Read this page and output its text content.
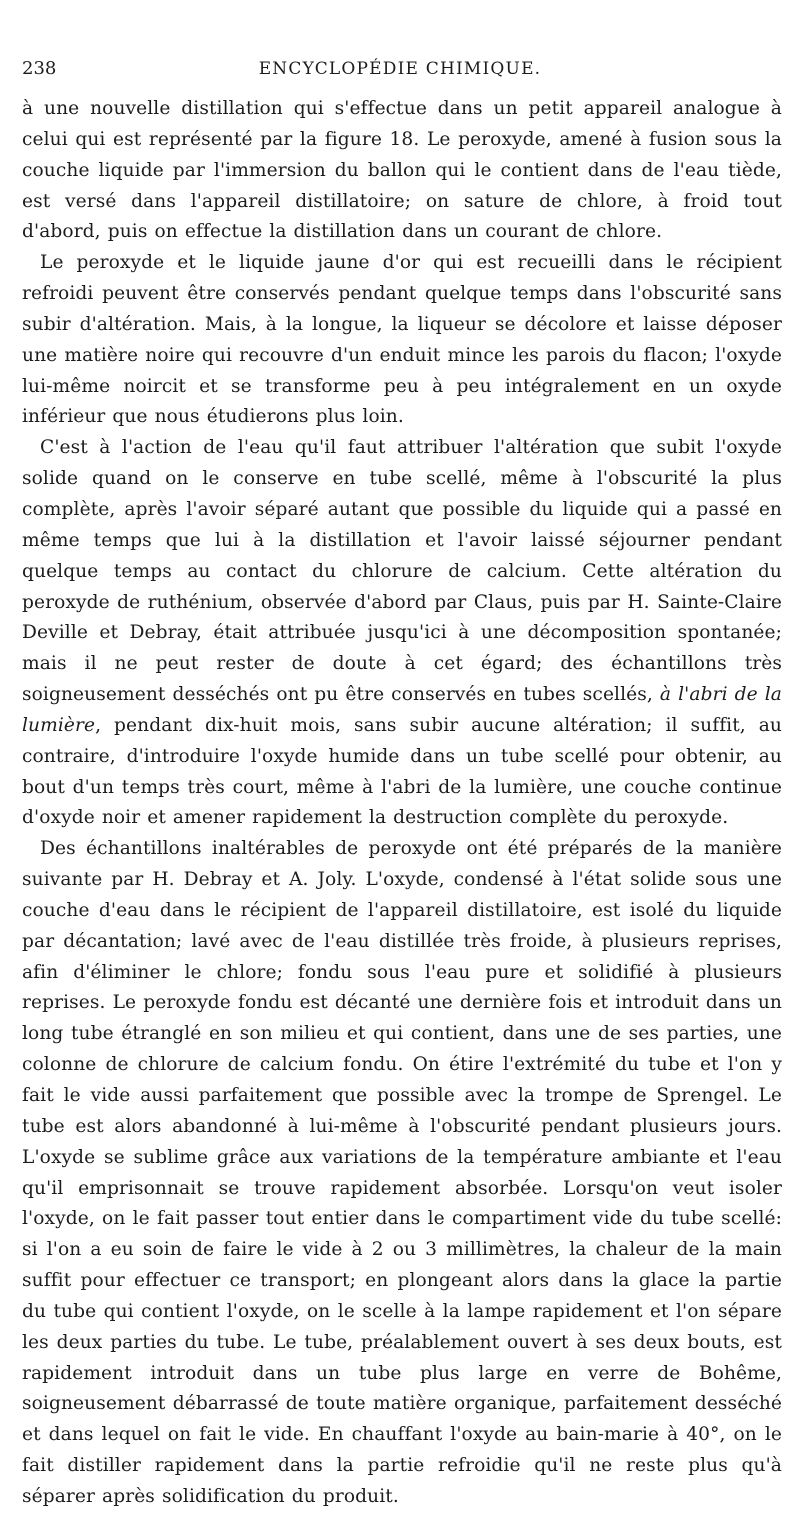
238	ENCYCLOPÉDIE CHIMIQUE.

à une nouvelle distillation qui s'effectue dans un petit appareil analogue à celui qui est représenté par la figure 18. Le peroxyde, amené à fusion sous la couche liquide par l'immersion du ballon qui le contient dans de l'eau tiède, est versé dans l'appareil distillatoire; on sature de chlore, à froid tout d'abord, puis on effectue la distillation dans un courant de chlore.

Le peroxyde et le liquide jaune d'or qui est recueilli dans le récipient refroidi peuvent être conservés pendant quelque temps dans l'obscurité sans subir d'altération. Mais, à la longue, la liqueur se décolore et laisse déposer une matière noire qui recouvre d'un enduit mince les parois du flacon; l'oxyde lui-même noircit et se transforme peu à peu intégralement en un oxyde inférieur que nous étudierons plus loin.

C'est à l'action de l'eau qu'il faut attribuer l'altération que subit l'oxyde solide quand on le conserve en tube scellé, même à l'obscurité la plus complète, après l'avoir séparé autant que possible du liquide qui a passé en même temps que lui à la distillation et l'avoir laissé séjourner pendant quelque temps au contact du chlorure de calcium. Cette altération du peroxyde de ruthénium, observée d'abord par Claus, puis par H. Sainte-Claire Deville et Debray, était attribuée jusqu'ici à une décomposition spontanée; mais il ne peut rester de doute à cet égard; des échantillons très soigneusement desséchés ont pu être conservés en tubes scellés, à l'abri de la lumière, pendant dix-huit mois, sans subir aucune altération; il suffit, au contraire, d'introduire l'oxyde humide dans un tube scellé pour obtenir, au bout d'un temps très court, même à l'abri de la lumière, une couche continue d'oxyde noir et amener rapidement la destruction complète du peroxyde.

Des échantillons inaltérables de peroxyde ont été préparés de la manière suivante par H. Debray et A. Joly. L'oxyde, condensé à l'état solide sous une couche d'eau dans le récipient de l'appareil distillatoire, est isolé du liquide par décantation; lavé avec de l'eau distillée très froide, à plusieurs reprises, afin d'éliminer le chlore; fondu sous l'eau pure et solidifié à plusieurs reprises. Le peroxyde fondu est décanté une dernière fois et introduit dans un long tube étranglé en son milieu et qui contient, dans une de ses parties, une colonne de chlorure de calcium fondu. On étire l'extrémité du tube et l'on y fait le vide aussi parfaitement que possible avec la trompe de Sprengel. Le tube est alors abandonné à lui-même à l'obscurité pendant plusieurs jours. L'oxyde se sublime grâce aux variations de la température ambiante et l'eau qu'il emprisonnait se trouve rapidement absorbée. Lorsqu'on veut isoler l'oxyde, on le fait passer tout entier dans le compartiment vide du tube scellé: si l'on a eu soin de faire le vide à 2 ou 3 millimètres, la chaleur de la main suffit pour effectuer ce transport; en plongeant alors dans la glace la partie du tube qui contient l'oxyde, on le scelle à la lampe rapidement et l'on sépare les deux parties du tube. Le tube, préalablement ouvert à ses deux bouts, est rapidement introduit dans un tube plus large en verre de Bohême, soigneusement débarrassé de toute matière organique, parfaitement desséché et dans lequel on fait le vide. En chauffant l'oxyde au bain-marie à 40°, on le fait distiller rapidement dans la partie refroidie qu'il ne reste plus qu'à séparer après solidification du produit.
